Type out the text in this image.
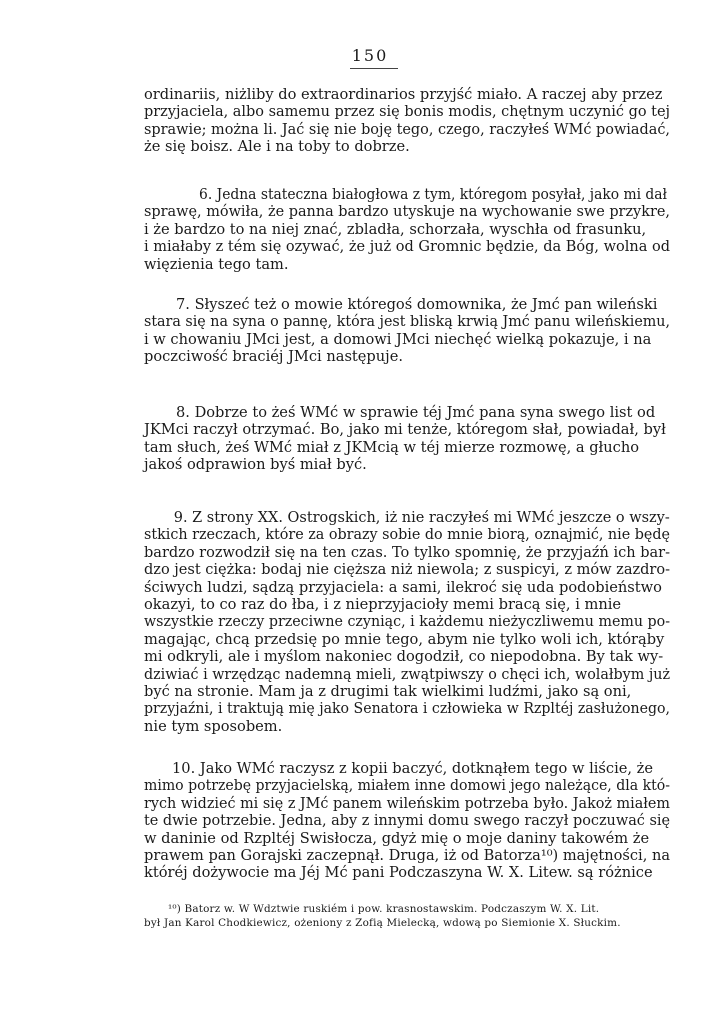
150
ordinariis, niżliby do extraordinarios przyjść miało. A raczej aby przez
przyjaciela, albo samemu przez się bonis modis, chętnym uczynić go tej
sprawie; można li. Jać się nie boję tego, czego, raczyłeś WMć powiadać,
że się boisz. Ale i na toby to dobrze.
6. Jedna stateczna białogłowa z tym, któregom posyłał, jako mi dał
sprawę, mówiła, że panna bardzo utyskuje na wychowanie swe przykre,
i że bardzo to na niej znać, zbladła, schorzała, wyschła od frasunku,
i miałaby z tém się ozywać, że już od Gromnic będzie, da Bóg, wolna od
więzienia tego tam.
7. Słyszeć też o mowie któregoś domownika, że Jmć pan wileński
stara się na syna o pannę, która jest bliską krwią Jmć panu wileńskiemu,
i w chowaniu JMci jest, a domowi JMci niechęć wielką pokazuje, i na
poczciwość braciéj JMci następuje.
8. Dobrze to żeś WMć w sprawie téj Jmć pana syna swego list od
JKMci raczył otrzymać. Bo, jako mi tenże, któregom słał, powiadał, był
tam słuch, żeś WMć miał z JKMcią w téj mierze rozmowę, a głucho
jakoś odprawion byś miał być.
9. Z strony XX. Ostrogskich, iż nie raczyłeś mi WMć jeszcze o wszy-
stkich rzeczach, które za obrazy sobie do mnie biorą, oznajmić, nie będę
bardzo rozwodził się na ten czas. To tylko spomnię, że przyjaźń ich bar-
dzo jest ciężka: bodaj nie cięższa niż niewola; z suspicyi, z mów zazdro-
ściwych ludzi, sądzą przyjaciela: a sami, ilekroć się uda podobieństwo
okazyi, to co raz do łba, i z nieprzyjacioły memi bracą się, i mnie
wszystkie rzeczy przeciwne czyniąc, i każdemu nieżyczliwemu memu po-
magając, chcą przedsię po mnie tego, abym nie tylko woli ich, którąby
mi odkryli, ale i myślom nakoniec dogodził, co niepodobna. By tak wy-
dziwiać i wrzędząc nademną mieli, zwątpiwszy o chęci ich, wolałbym już
być na stronie. Mam ja z drugimi tak wielkimi ludźmi, jako są oni,
przyjaźni, i traktują mię jako Senatora i człowieka w Rzpltéj zasłużonego,
nie tym sposobem.
10. Jako WMć raczysz z kopii baczyć, dotknąłem tego w liście, że
mimo potrzebę przyjacielską, miałem inne domowi jego należące, dla któ-
rych widzieć mi się z JMć panem wileńskim potrzeba było. Jakoż miałem
te dwie potrzebie. Jedna, aby z innymi domu swego raczył poczuwać się
w daninie od Rzpltéj Swisłocza, gdyż mię o moje daniny takowém że
prawem pan Gorajski zaczepnął. Druga, iż od Batorza¹⁰) majętności, na
któréj dożywocie ma Jéj Mć pani Podczaszyna W. X. Litew. są różnice
¹⁰) Batorz w. W Wdztwie ruskiém i pow. krasnostawskim. Podczaszym W. X. Lit.
był Jan Karol Chodkiewicz, ożeniony z Zofią Mielecką, wdową po Siemionie X. Słuckim.
